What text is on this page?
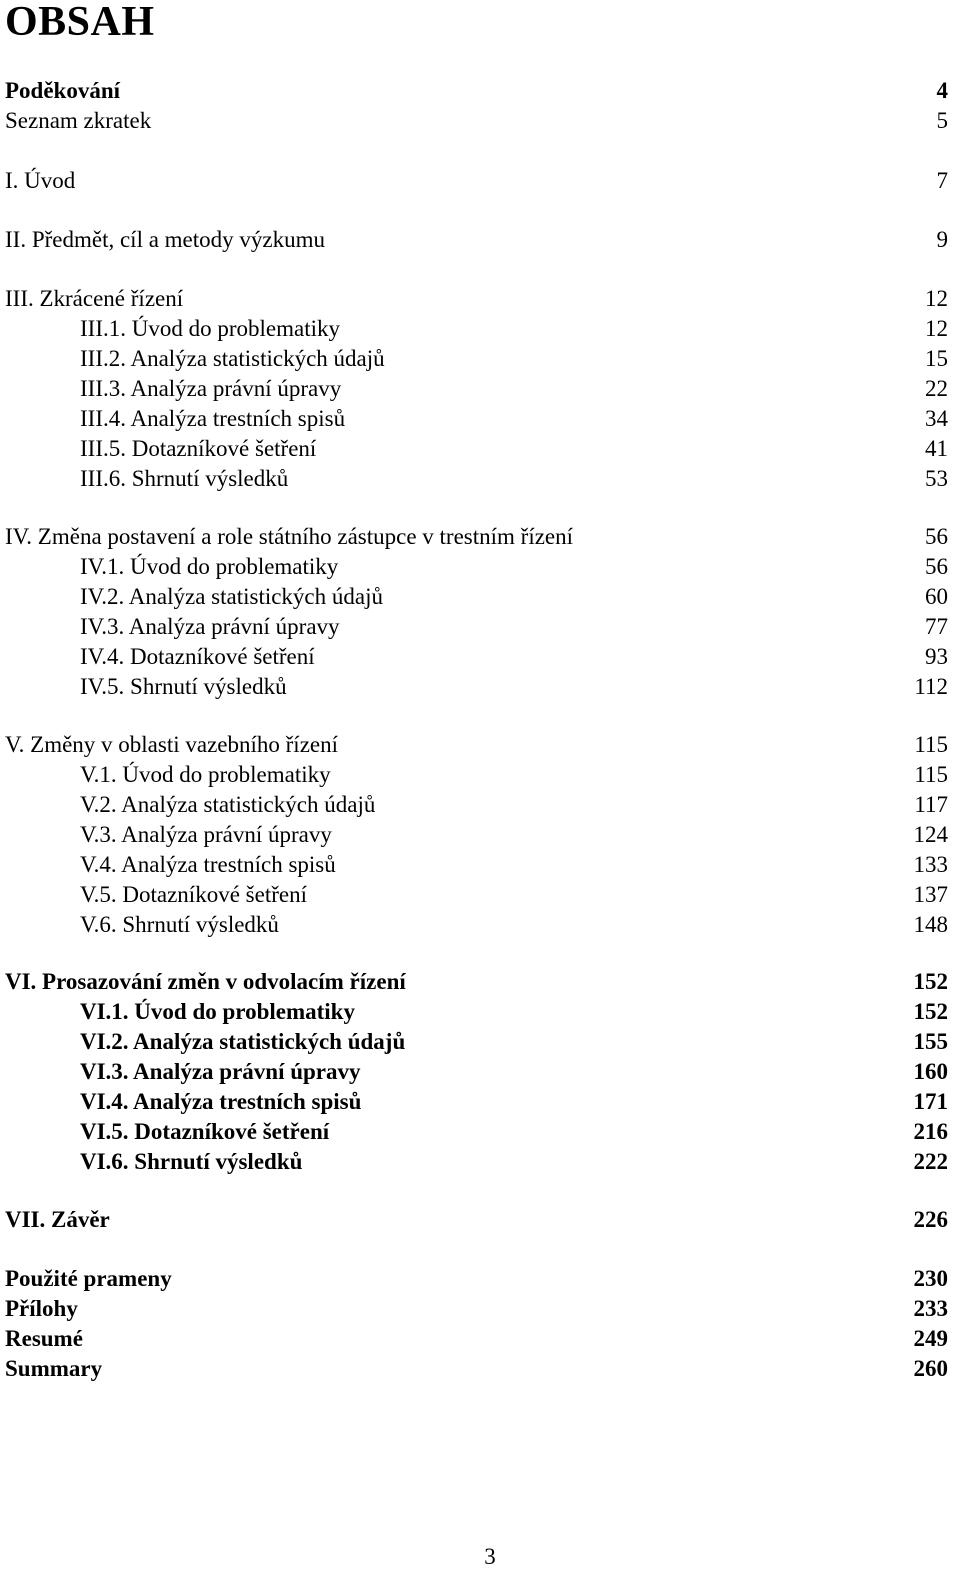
OBSAH
Poděkování	4
Seznam zkratek	5
I. Úvod	7
II. Předmět, cíl a metody výzkumu	9
III. Zkrácené řízení	12
III.1. Úvod do problematiky	12
III.2. Analýza statistických údajů	15
III.3. Analýza právní úpravy	22
III.4. Analýza trestních spisů	34
III.5. Dotazníkové šetření	41
III.6. Shrnutí výsledků	53
IV. Změna postavení a role státního zástupce v trestním řízení	56
IV.1. Úvod do problematiky	56
IV.2. Analýza statistických údajů	60
IV.3. Analýza právní úpravy	77
IV.4. Dotazníkové šetření	93
IV.5. Shrnutí výsledků	112
V. Změny v oblasti vazebního řízení	115
V.1. Úvod do problematiky	115
V.2. Analýza statistických údajů	117
V.3. Analýza právní úpravy	124
V.4. Analýza trestních spisů	133
V.5. Dotazníkové šetření	137
V.6. Shrnutí výsledků	148
VI. Prosazování změn v odvolacím řízení	152
VI.1. Úvod do problematiky	152
VI.2. Analýza statistických údajů	155
VI.3. Analýza právní úpravy	160
VI.4. Analýza trestních spisů	171
VI.5. Dotazníkové šetření	216
VI.6. Shrnutí výsledků	222
VII. Závěr	226
Použité prameny	230
Přílohy	233
Resumé	249
Summary	260
3
